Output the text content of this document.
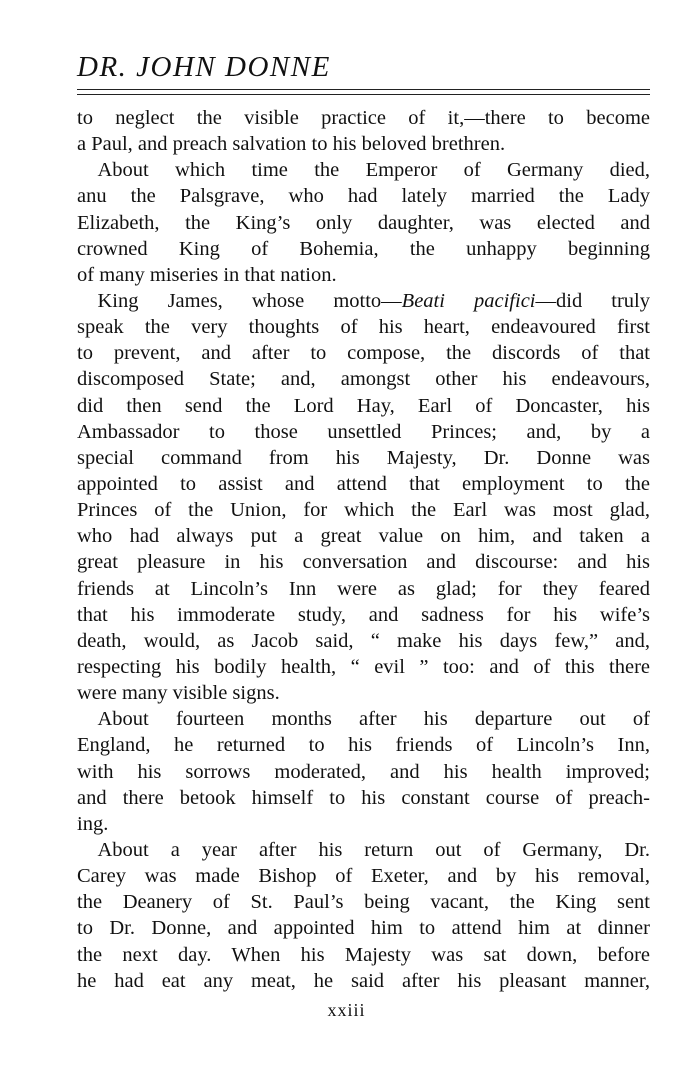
DR. JOHN DONNE
to neglect the visible practice of it,—there to become
a Paul, and preach salvation to his beloved brethren.
 About which time the Emperor of Germany died,
anu the Palsgrave, who had lately married the Lady
Elizabeth, the King’s only daughter, was elected and
crowned King of Bohemia, the unhappy beginning
of many miseries in that nation.
 King James, whose motto—Beati pacifici—did truly
speak the very thoughts of his heart, endeavoured first
to prevent, and after to compose, the discords of that
discomposed State; and, amongst other his endeavours,
did then send the Lord Hay, Earl of Doncaster, his
Ambassador to those unsettled Princes; and, by a
special command from his Majesty, Dr. Donne was
appointed to assist and attend that employment to the
Princes of the Union, for which the Earl was most glad,
who had always put a great value on him, and taken a
great pleasure in his conversation and discourse: and his
friends at Lincoln’s Inn were as glad; for they feared
that his immoderate study, and sadness for his wife’s
death, would, as Jacob said, “ make his days few,” and,
respecting his bodily health, “ evil ” too: and of this there
were many visible signs.
 About fourteen months after his departure out of
England, he returned to his friends of Lincoln’s Inn,
with his sorrows moderated, and his health improved;
and there betook himself to his constant course of preach-
ing.
 About a year after his return out of Germany, Dr.
Carey was made Bishop of Exeter, and by his removal,
the Deanery of St. Paul’s being vacant, the King sent
to Dr. Donne, and appointed him to attend him at dinner
the next day. When his Majesty was sat down, before
he had eat any meat, he said after his pleasant manner,
xxiii
